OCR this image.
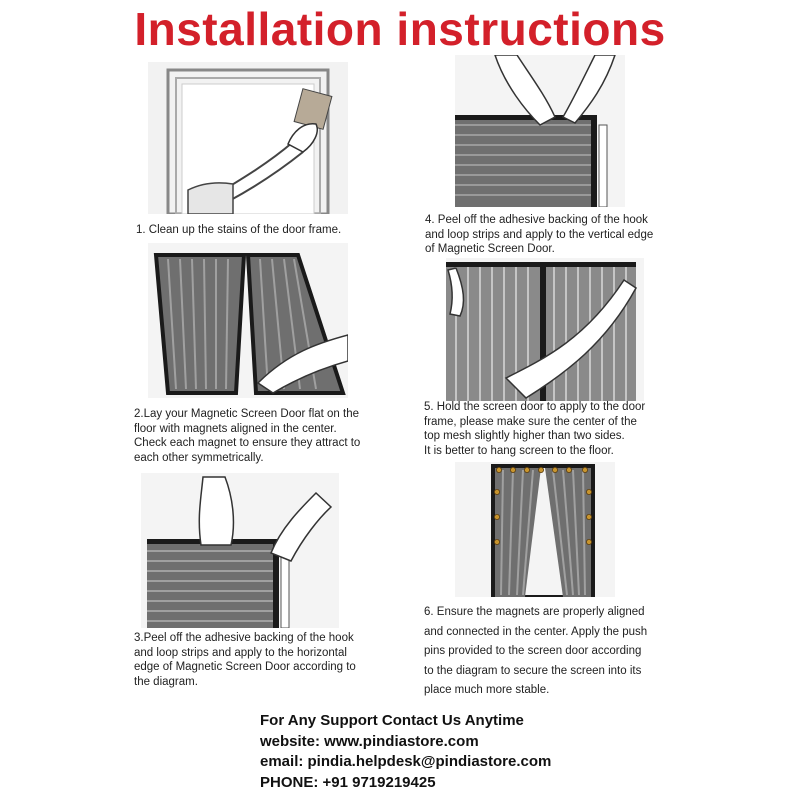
Installation instructions
1. Clean up the stains of the door frame.
4. Peel off the adhesive backing of the hook
and loop strips and apply to the vertical edge
of Magnetic Screen Door.
2.Lay your Magnetic Screen Door flat on the
floor with magnets aligned in the center.
Check each magnet to ensure they attract to
each other symmetrically.
5. Hold the screen door to apply to the door
frame, please make sure the center of the
top mesh slightly higher than two sides.
It is better to hang screen to the floor.
3.Peel off the adhesive backing of the hook
and loop strips and apply to the horizontal
edge of Magnetic Screen Door according to
the diagram.
6. Ensure the magnets are properly aligned
and connected in the center. Apply the push
pins provided to the screen door according
to the diagram to secure the screen into its
place much more stable.
For Any Support Contact Us Anytime
website: www.pindiastore.com
email: pindia.helpdesk@pindiastore.com
PHONE: +91 9719219425
